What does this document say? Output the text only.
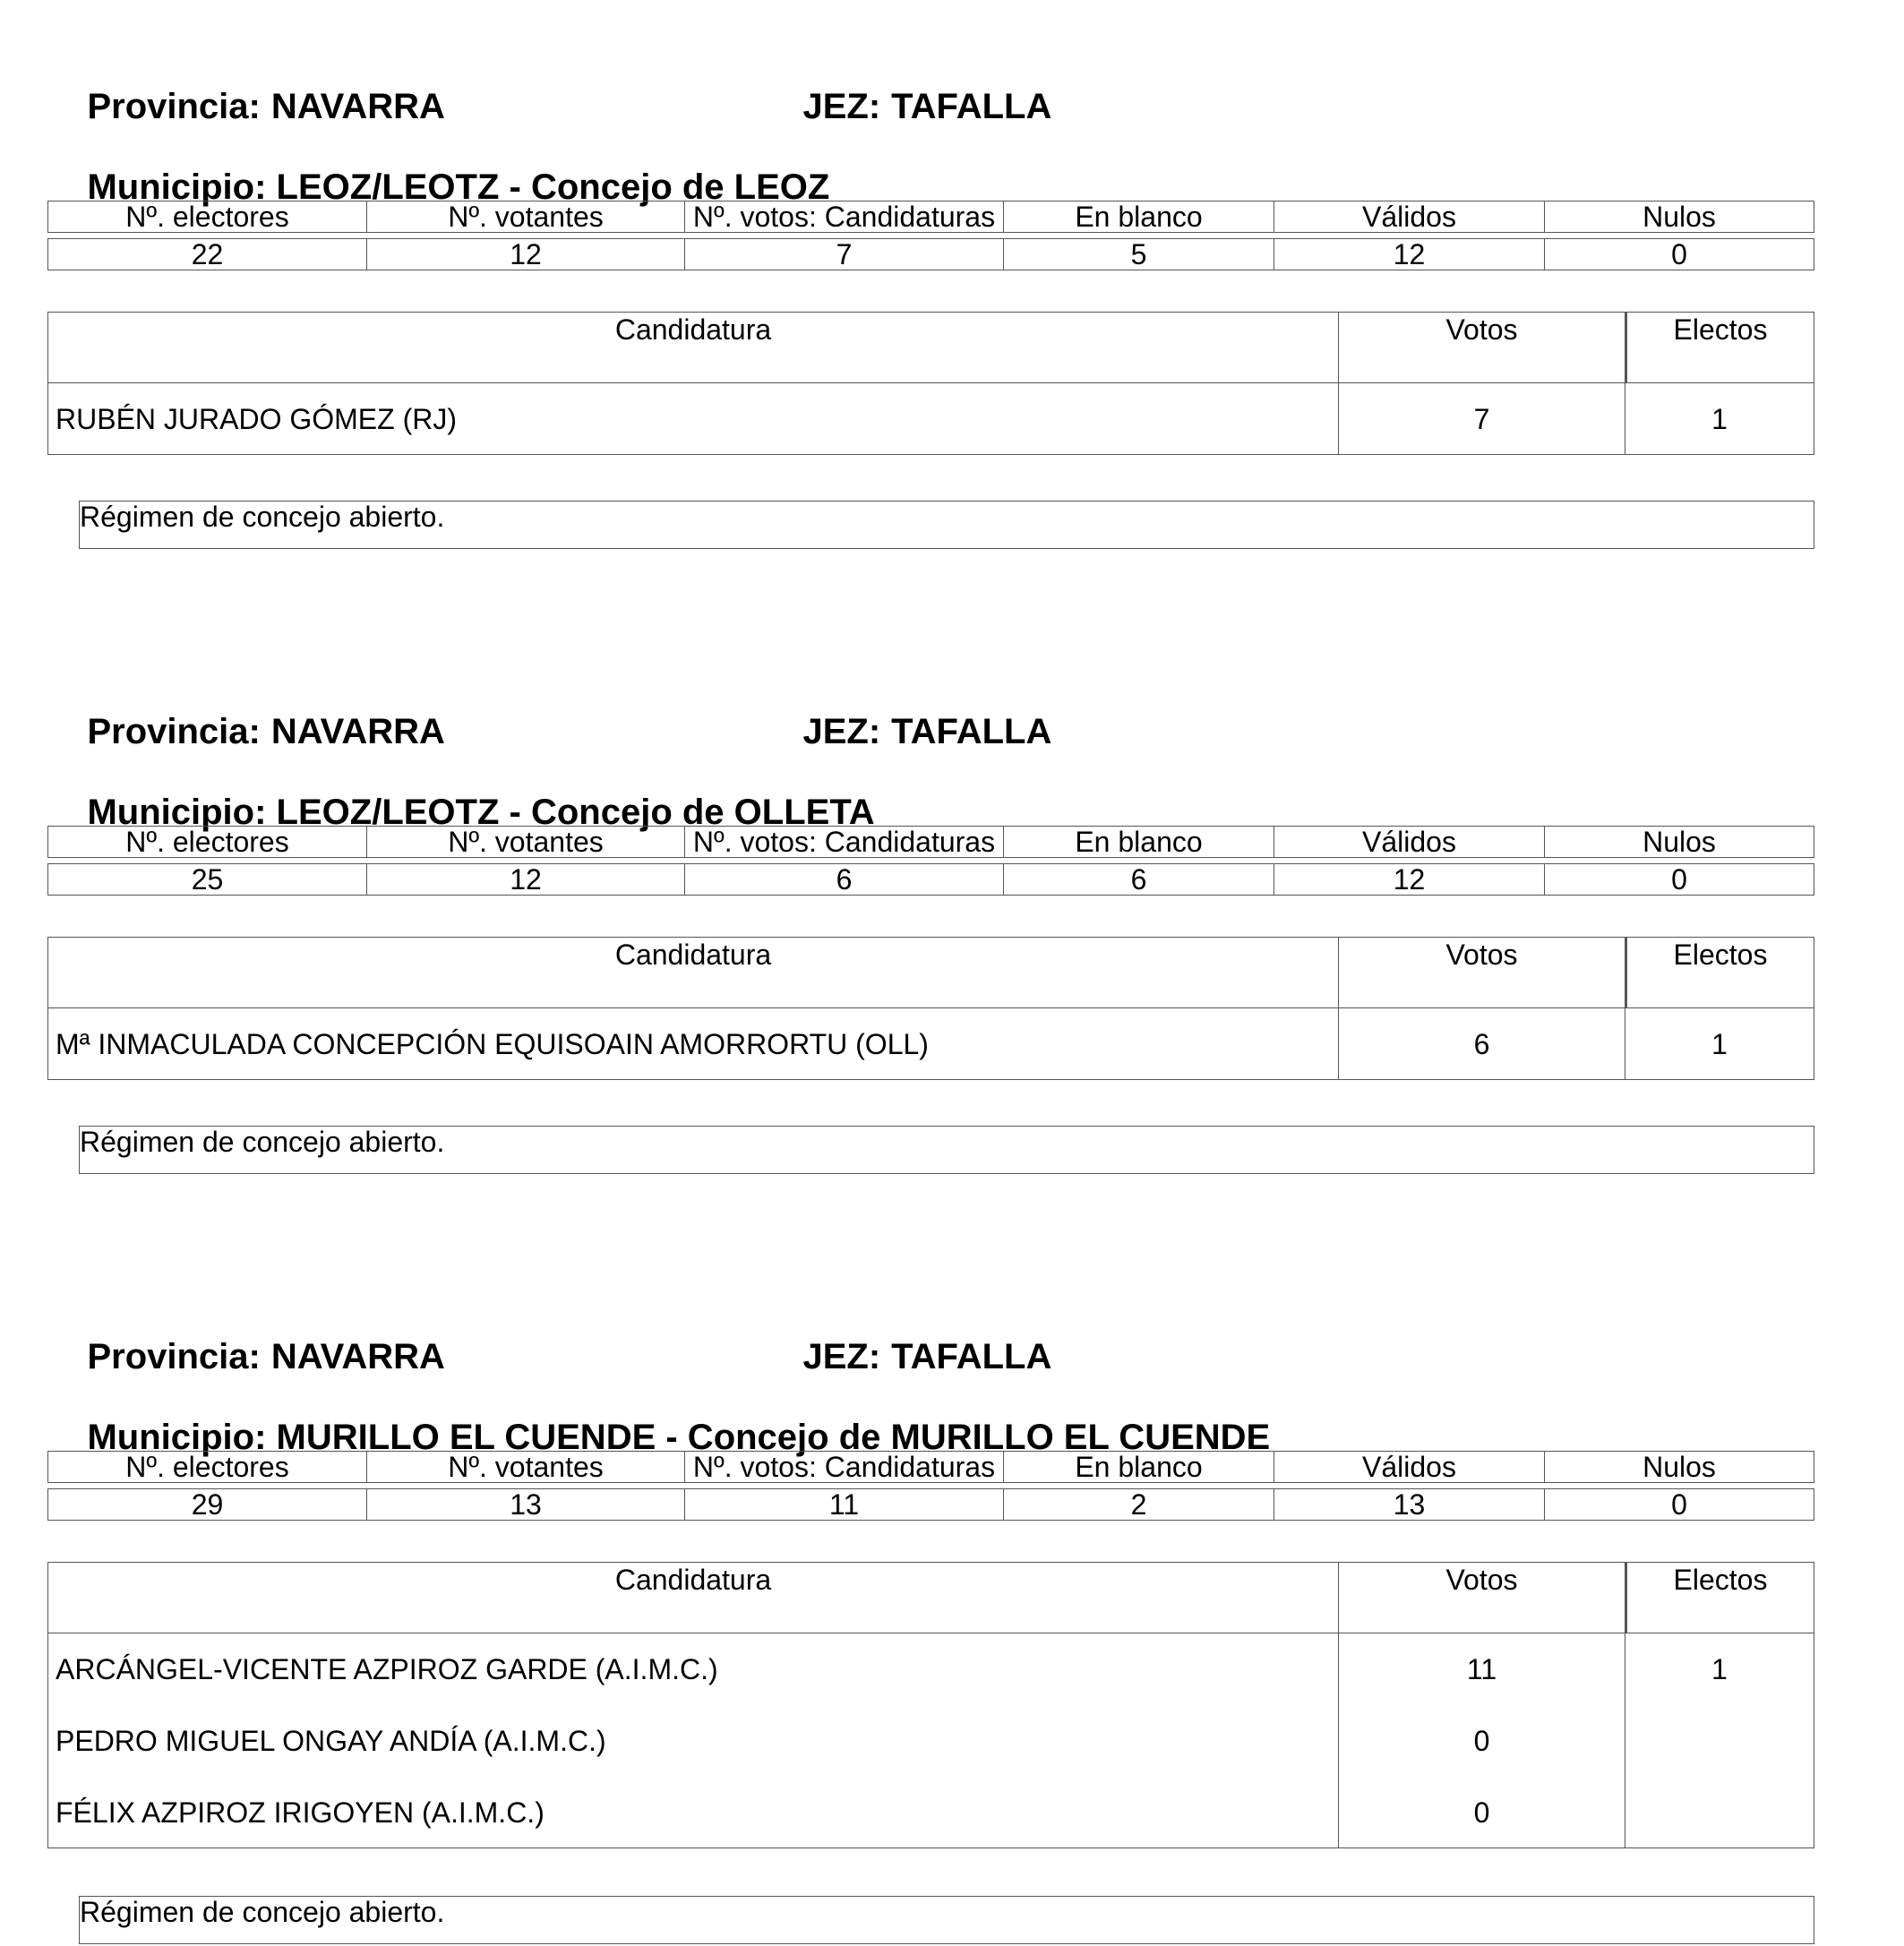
Provincia: NAVARRA
	JEZ: TAFALLA

Municipio: LEOZ/LEOTZ - Concejo de LEOZ

Nº. electores	Nº. votantes	Nº. votos: Candidaturas	En blanco	Válidos	Nulos
22	12	7	5	12	0
Candidatura	Votos	Electos
RUBÉN JURADO GÓMEZ (RJ)	7	1
Régimen de concejo abierto.

Provincia: NAVARRA
	JEZ: TAFALLA

Municipio: LEOZ/LEOTZ - Concejo de OLLETA

Nº. electores	Nº. votantes	Nº. votos: Candidaturas	En blanco	Válidos	Nulos
25	12	6	6	12	0
Candidatura	Votos	Electos
Mª INMACULADA CONCEPCIÓN EQUISOAIN AMORRORTU (OLL)	6	1
Régimen de concejo abierto.

Provincia: NAVARRA
	JEZ: TAFALLA

Municipio: MURILLO EL CUENDE - Concejo de MURILLO EL CUENDE

Nº. electores	Nº. votantes	Nº. votos: Candidaturas	En blanco	Válidos	Nulos
29	13	11	2	13	0
Candidatura	Votos	Electos
ARCÁNGEL-VICENTE AZPIROZ GARDE (A.I.M.C.)	11	1
PEDRO MIGUEL ONGAY ANDÍA (A.I.M.C.)	0
FÉLIX AZPIROZ IRIGOYEN (A.I.M.C.)	0
Régimen de concejo abierto.
